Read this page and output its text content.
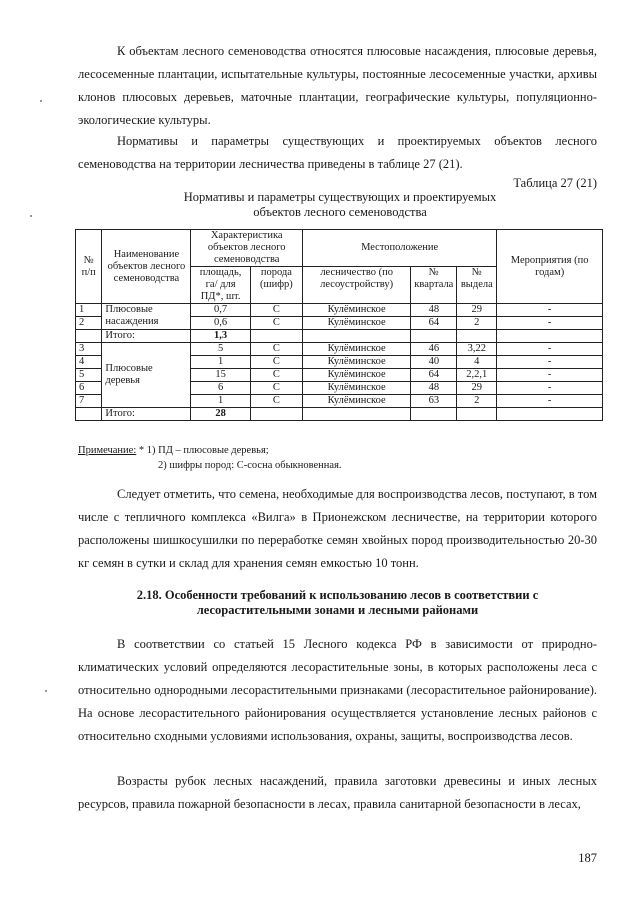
К объектам лесного семеноводства относятся плюсовые насаждения, плюсовые деревья, лесосеменные плантации, испытательные культуры, постоянные лесосеменные участки, архивы клонов плюсовых деревьев, маточные плантации, географические культуры, популяционно-экологические культуры.

Нормативы и параметры существующих и проектируемых объектов лесного семеноводства на территории лесничества приведены в таблице 27 (21).

Таблица 27 (21)
Нормативы и параметры существующих и проектируемых
объектов лесного семеноводства
№ п/п	Наименование объектов лесного семеноводства	Характеристика объектов лесного семеноводства		Местоположение			Мероприятия (по годам)
		площадь, га/ для ПД*, шт.	порода (шифр)	лесничество (по лесоустройству)	№ квартала	№ выдела	
1	Плюсовые насаждения	0,7	С	Кулёминское	48	29	-
2		0,6	С	Кулёминское	64	2	-
	Итого:	1,3					
3	Плюсовые деревья	5	С	Кулёминское	46	3,22	-
4		1	С	Кулёминское	40	4	-
5		15	С	Кулёминское	64	2,2,1	-
6		6	С	Кулёминское	48	29	-
7		1	С	Кулёминское	63	2	-
	Итого:	28					
Примечание: * 1) ПД – плюсовые деревья;
2) шифры пород: С-сосна обыкновенная.

Следует отметить, что семена, необходимые для воспроизводства лесов, поступают, в том числе с тепличного комплекса «Вилга» в Прионежском лесничестве, на территории которого расположены шишкосушилки по переработке семян хвойных пород производительностью 20-30 кг семян в сутки и склад для хранения семян емкостью 10 тонн.

2.18. Особенности требований к использованию лесов в соответствии с
лесорастительными зонами и лесными районами

В соответствии со статьей 15 Лесного кодекса РФ в зависимости от природно-климатических условий определяются лесорастительные зоны, в которых расположены леса с относительно однородными лесорастительными признаками (лесорастительное районирование). На основе лесорастительного районирования осуществляется установление лесных районов с относительно сходными условиями использования, охраны, защиты, воспроизводства лесов.

Возрасты рубок лесных насаждений, правила заготовки древесины и иных лесных ресурсов, правила пожарной безопасности в лесах, правила санитарной безопасности в лесах,

187
